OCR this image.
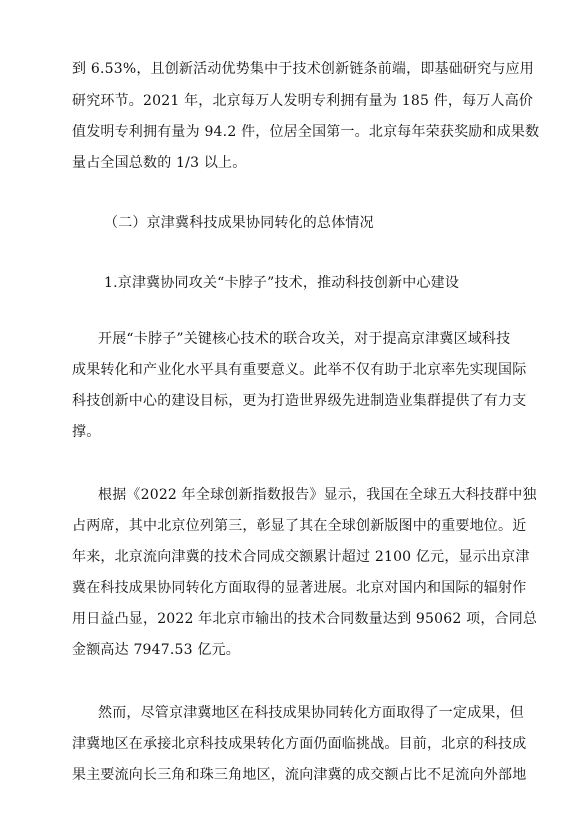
到 6.53%，且创新活动优势集中于技术创新链条前端，即基础研究与应用
研究环节。2021 年，北京每万人发明专利拥有量为 185 件，每万人高价
值发明专利拥有量为 94.2 件，位居全国第一。北京每年荣获奖励和成果数
量占全国总数的 1/3 以上。
（二）京津冀科技成果协同转化的总体情况
1.京津冀协同攻关“卡脖子”技术，推动科技创新中心建设
开展“卡脖子”关键核心技术的联合攻关，对于提高京津冀区域科技
成果转化和产业化水平具有重要意义。此举不仅有助于北京率先实现国际
科技创新中心的建设目标，更为打造世界级先进制造业集群提供了有力支
撑。
根据《2022 年全球创新指数报告》显示，我国在全球五大科技群中独
占两席，其中北京位列第三，彰显了其在全球创新版图中的重要地位。近
年来，北京流向津冀的技术合同成交额累计超过 2100 亿元，显示出京津
冀在科技成果协同转化方面取得的显著进展。北京对国内和国际的辐射作
用日益凸显，2022 年北京市输出的技术合同数量达到 95062 项，合同总
金额高达 7947.53 亿元。
然而，尽管京津冀地区在科技成果协同转化方面取得了一定成果，但
津冀地区在承接北京科技成果转化方面仍面临挑战。目前，北京的科技成
果主要流向长三角和珠三角地区，流向津冀的成交额占比不足流向外部地
